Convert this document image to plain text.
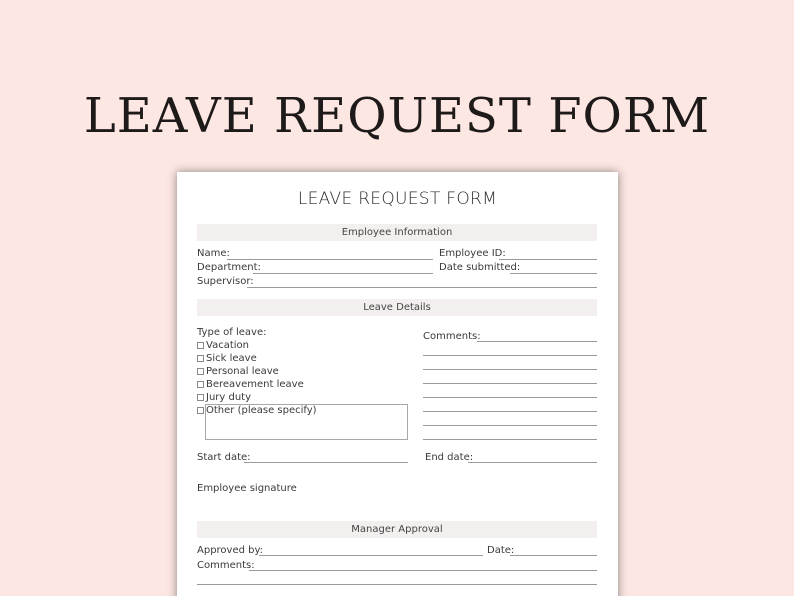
LEAVE REQUEST FORM
LEAVE REQUEST FORM
Employee Information
Name:	Employee ID:
Department:	Date submitted:
Supervisor:
Leave Details
Type of leave:
Vacation
Sick leave
Personal leave
Bereavement leave
Jury duty
Other (please specify)
Comments:
Start date:	End date:
Employee signature
Manager Approval
Approved by:	Date:
Comments:
